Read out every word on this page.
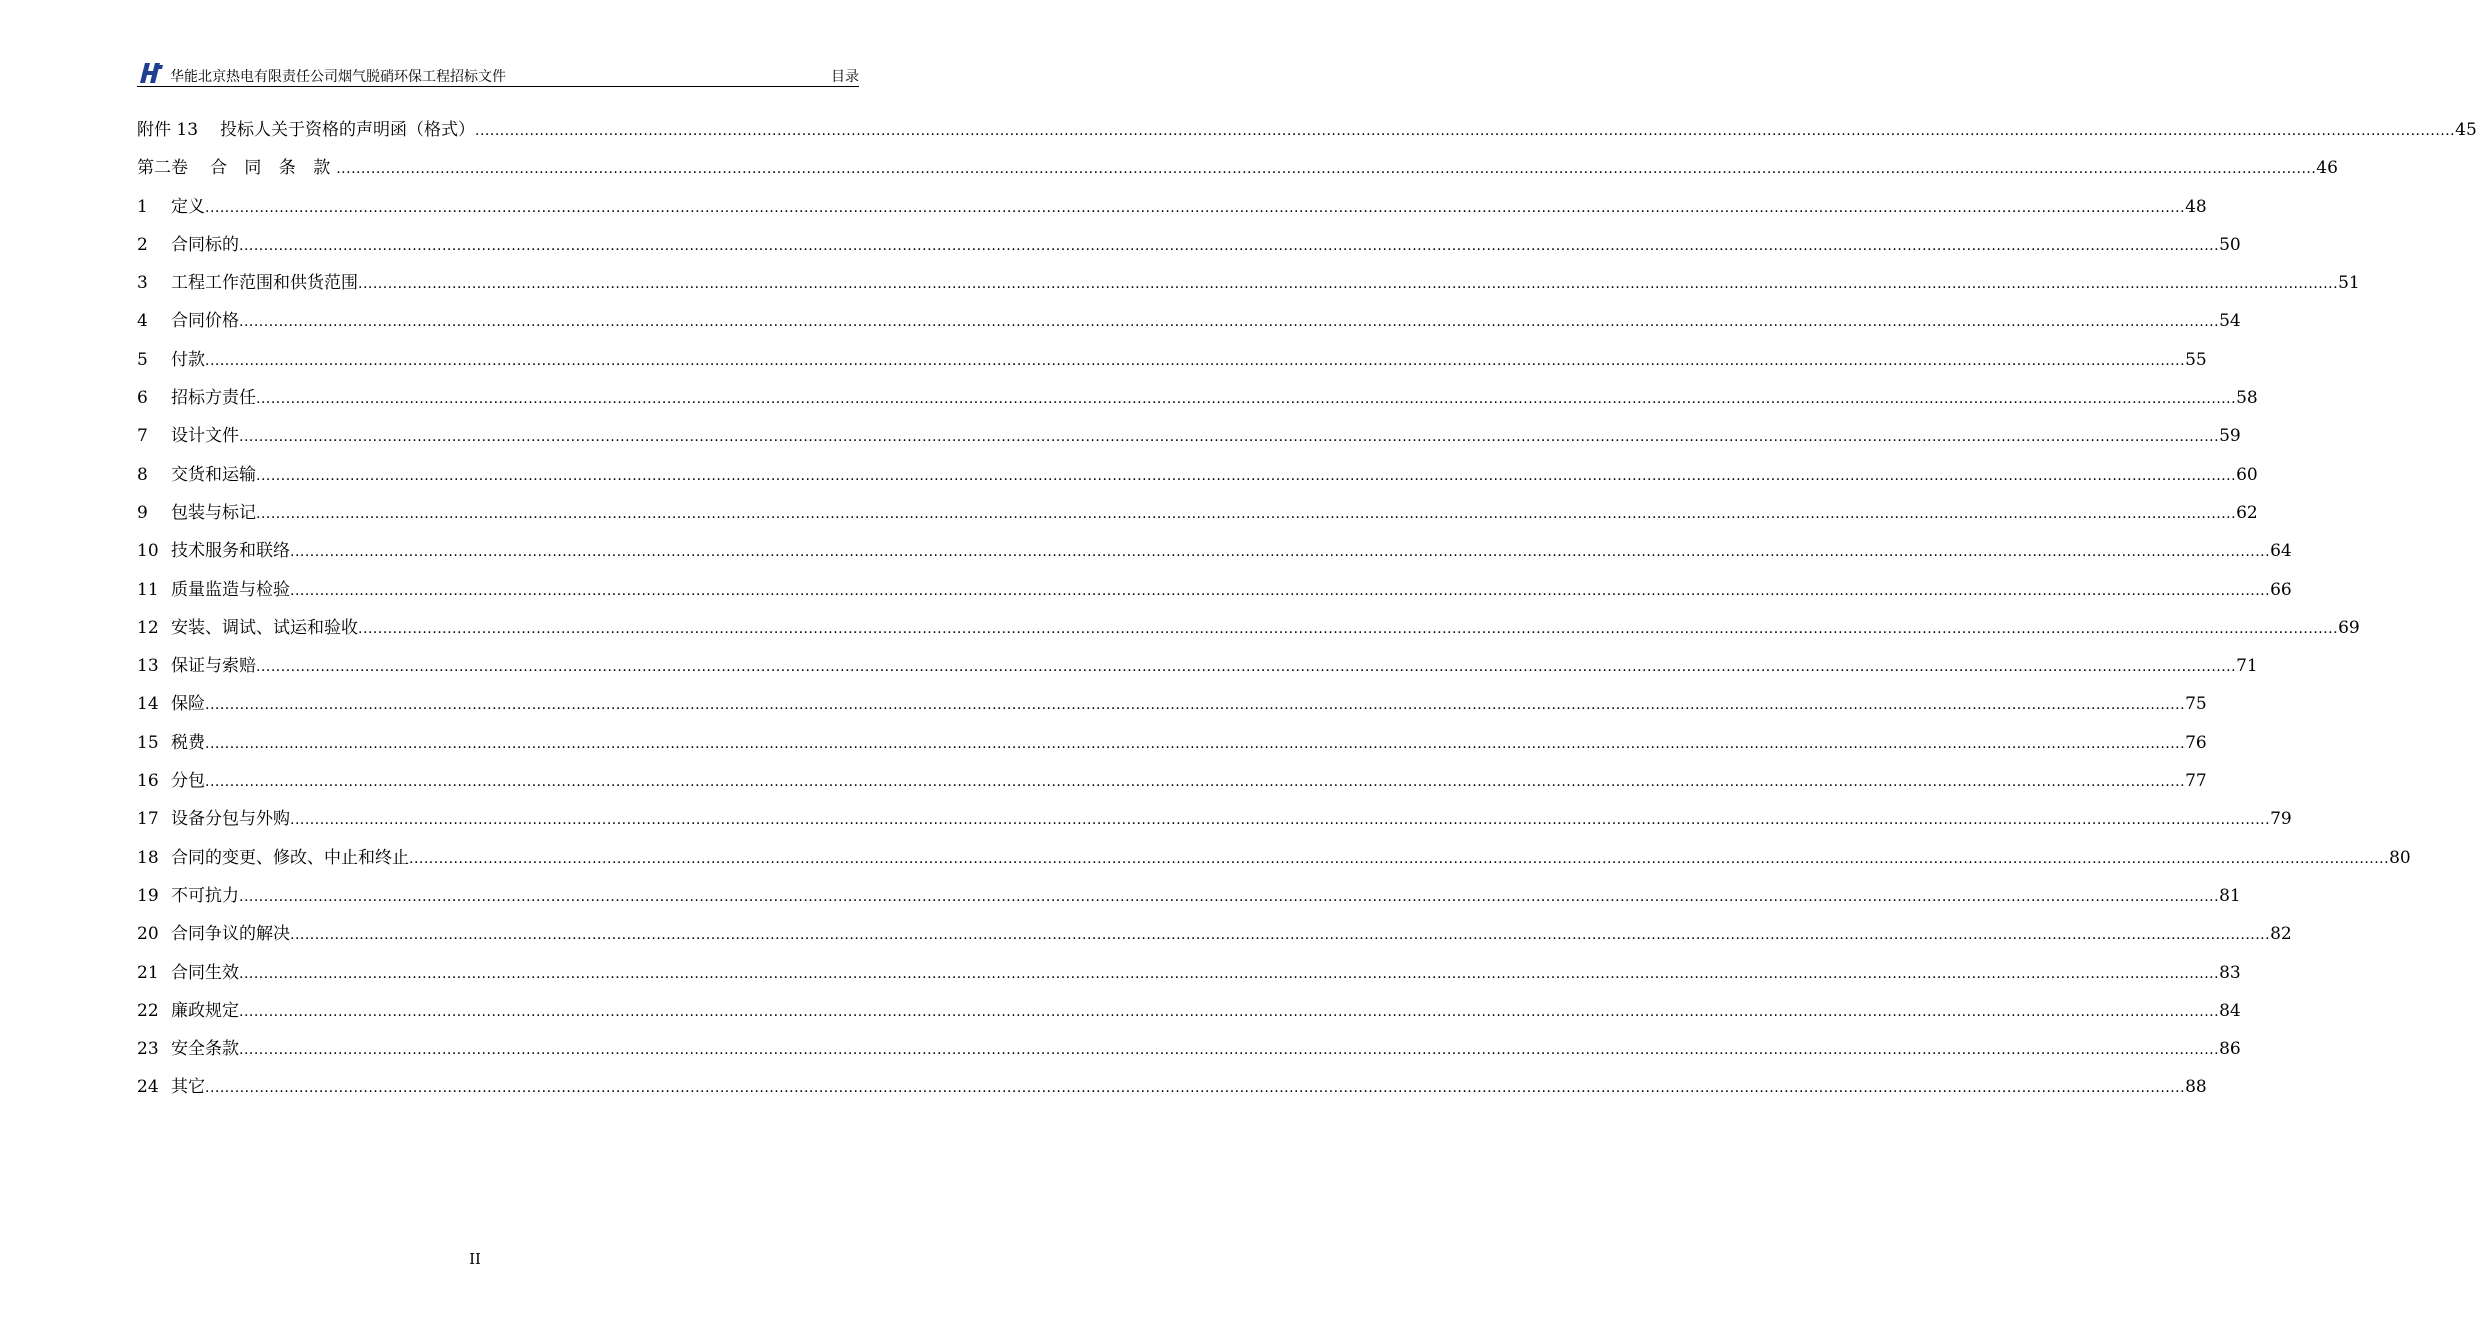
华能北京热电有限责任公司烟气脱硝环保工程招标文件	目录
附件 13 投标人关于资格的声明函（格式） ................................................................................................................................................................................................................................................................................................................................................................................................................ 45
第二卷 合 同 条 款 ................................................................................................................................................................................................................................................................................................................................................................................................................ 46
1	定义 ................................................................................................................................................................................................................................................................................................................................................................................................................ 48
2	合同标的 ................................................................................................................................................................................................................................................................................................................................................................................................................ 50
3	工程工作范围和供货范围 ................................................................................................................................................................................................................................................................................................................................................................................................................ 51
4	合同价格 ................................................................................................................................................................................................................................................................................................................................................................................................................ 54
5	付款 ................................................................................................................................................................................................................................................................................................................................................................................................................ 55
6	招标方责任 ................................................................................................................................................................................................................................................................................................................................................................................................................ 58
7	设计文件 ................................................................................................................................................................................................................................................................................................................................................................................................................ 59
8	交货和运输 ................................................................................................................................................................................................................................................................................................................................................................................................................ 60
9	包装与标记 ................................................................................................................................................................................................................................................................................................................................................................................................................ 62
10 技术服务和联络 ................................................................................................................................................................................................................................................................................................................................................................................................................ 64
11 质量监造与检验 ................................................................................................................................................................................................................................................................................................................................................................................................................ 66
12 安装、调试、试运和验收 ................................................................................................................................................................................................................................................................................................................................................................................................................ 69
13 保证与索赔 ................................................................................................................................................................................................................................................................................................................................................................................................................ 71
14 保险 ................................................................................................................................................................................................................................................................................................................................................................................................................ 75
15 税费 ................................................................................................................................................................................................................................................................................................................................................................................................................ 76
16 分包 ................................................................................................................................................................................................................................................................................................................................................................................................................ 77
17 设备分包与外购 ................................................................................................................................................................................................................................................................................................................................................................................................................ 79
18 合同的变更、修改、中止和终止 ................................................................................................................................................................................................................................................................................................................................................................................................................ 80
19 不可抗力 ................................................................................................................................................................................................................................................................................................................................................................................................................ 81
20 合同争议的解决 ................................................................................................................................................................................................................................................................................................................................................................................................................ 82
21 合同生效 ................................................................................................................................................................................................................................................................................................................................................................................................................ 83
22 廉政规定 ................................................................................................................................................................................................................................................................................................................................................................................................................ 84
23 安全条款 ................................................................................................................................................................................................................................................................................................................................................................................................................ 86
24 其它 ................................................................................................................................................................................................................................................................................................................................................................................................................ 88
II
